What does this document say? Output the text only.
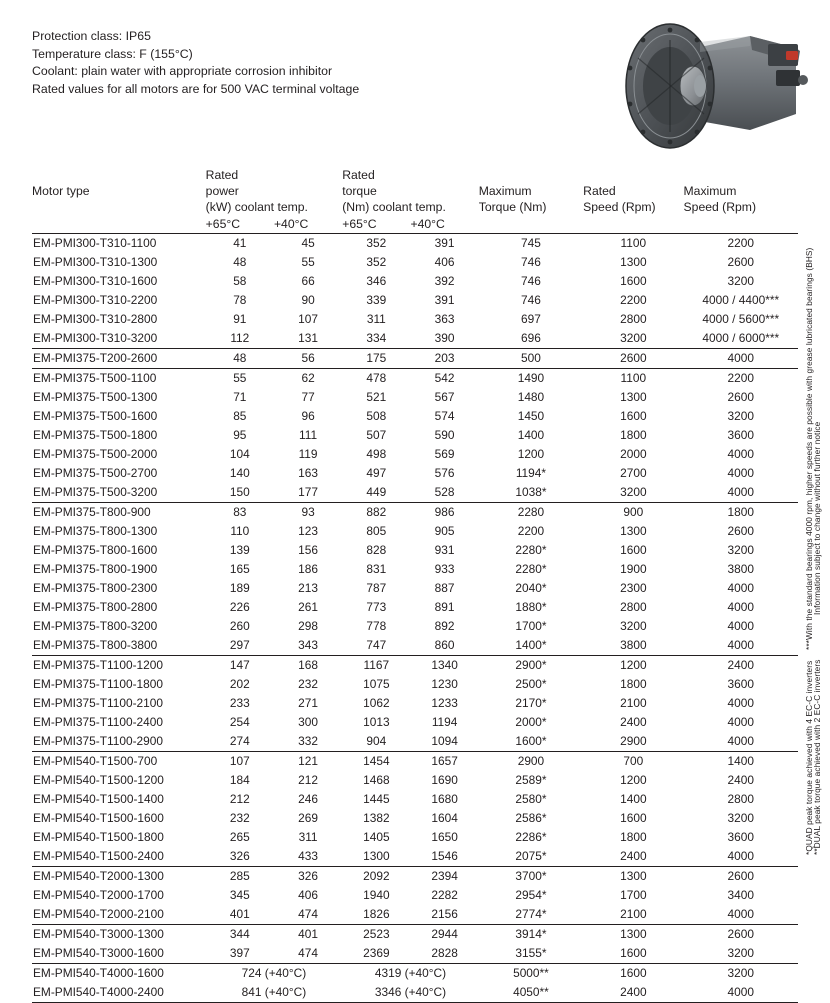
Protection class: IP65
Temperature class: F (155°C)
Coolant: plain water with appropriate corrosion inhibitor
Rated values for all motors are for 500 VAC terminal voltage
Motor type	Rated power		Rated torque		Maximum	Rated	Maximum
	(kW) coolant temp.		(Nm) coolant temp.		Torque (Nm)	Speed (Rpm)	Speed (Rpm)
	+65°C	+40°C	+65°C	+40°C			
EM-PMI300-T310-1100	41	45	352	391	745	1100	2200
EM-PMI300-T310-1300	48	55	352	406	746	1300	2600
EM-PMI300-T310-1600	58	66	346	392	746	1600	3200
EM-PMI300-T310-2200	78	90	339	391	746	2200	4000 / 4400***
EM-PMI300-T310-2800	91	107	311	363	697	2800	4000 / 5600***
EM-PMI300-T310-3200	112	131	334	390	696	3200	4000 / 6000***
EM-PMI375-T200-2600	48	56	175	203	500	2600	4000
EM-PMI375-T500-1100	55	62	478	542	1490	1100	2200
EM-PMI375-T500-1300	71	77	521	567	1480	1300	2600
EM-PMI375-T500-1600	85	96	508	574	1450	1600	3200
EM-PMI375-T500-1800	95	111	507	590	1400	1800	3600
EM-PMI375-T500-2000	104	119	498	569	1200	2000	4000
EM-PMI375-T500-2700	140	163	497	576	1194*	2700	4000
EM-PMI375-T500-3200	150	177	449	528	1038*	3200	4000
EM-PMI375-T800-900	83	93	882	986	2280	900	1800
EM-PMI375-T800-1300	110	123	805	905	2200	1300	2600
EM-PMI375-T800-1600	139	156	828	931	2280*	1600	3200
EM-PMI375-T800-1900	165	186	831	933	2280*	1900	3800
EM-PMI375-T800-2300	189	213	787	887	2040*	2300	4000
EM-PMI375-T800-2800	226	261	773	891	1880*	2800	4000
EM-PMI375-T800-3200	260	298	778	892	1700*	3200	4000
EM-PMI375-T800-3800	297	343	747	860	1400*	3800	4000
EM-PMI375-T1100-1200	147	168	1167	1340	2900*	1200	2400
EM-PMI375-T1100-1800	202	232	1075	1230	2500*	1800	3600
EM-PMI375-T1100-2100	233	271	1062	1233	2170*	2100	4000
EM-PMI375-T1100-2400	254	300	1013	1194	2000*	2400	4000
EM-PMI375-T1100-2900	274	332	904	1094	1600*	2900	4000
EM-PMI540-T1500-700	107	121	1454	1657	2900	700	1400
EM-PMI540-T1500-1200	184	212	1468	1690	2589*	1200	2400
EM-PMI540-T1500-1400	212	246	1445	1680	2580*	1400	2800
EM-PMI540-T1500-1600	232	269	1382	1604	2586*	1600	3200
EM-PMI540-T1500-1800	265	311	1405	1650	2286*	1800	3600
EM-PMI540-T1500-2400	326	433	1300	1546	2075*	2400	4000
EM-PMI540-T2000-1300	285	326	2092	2394	3700*	1300	2600
EM-PMI540-T2000-1700	345	406	1940	2282	2954*	1700	3400
EM-PMI540-T2000-2100	401	474	1826	2156	2774*	2100	4000
EM-PMI540-T3000-1300	344	401	2523	2944	3914*	1300	2600
EM-PMI540-T3000-1600	397	474	2369	2828	3155*	1600	3200
EM-PMI540-T4000-1600	724 (+40°C)		4319 (+40°C)		5000**	1600	3200
EM-PMI540-T4000-2400	841 (+40°C)		3346 (+40°C)		4050**	2400	4000
***With the standard bearings 4000 rpm, higher speeds are possible with grease lubricated bearings (BHS)
Information subject to change without further notice
*QUAD peak torque achieved with 4 EC-C inverters
**DUAL peak torque achieved with 2 EC-C inverters
